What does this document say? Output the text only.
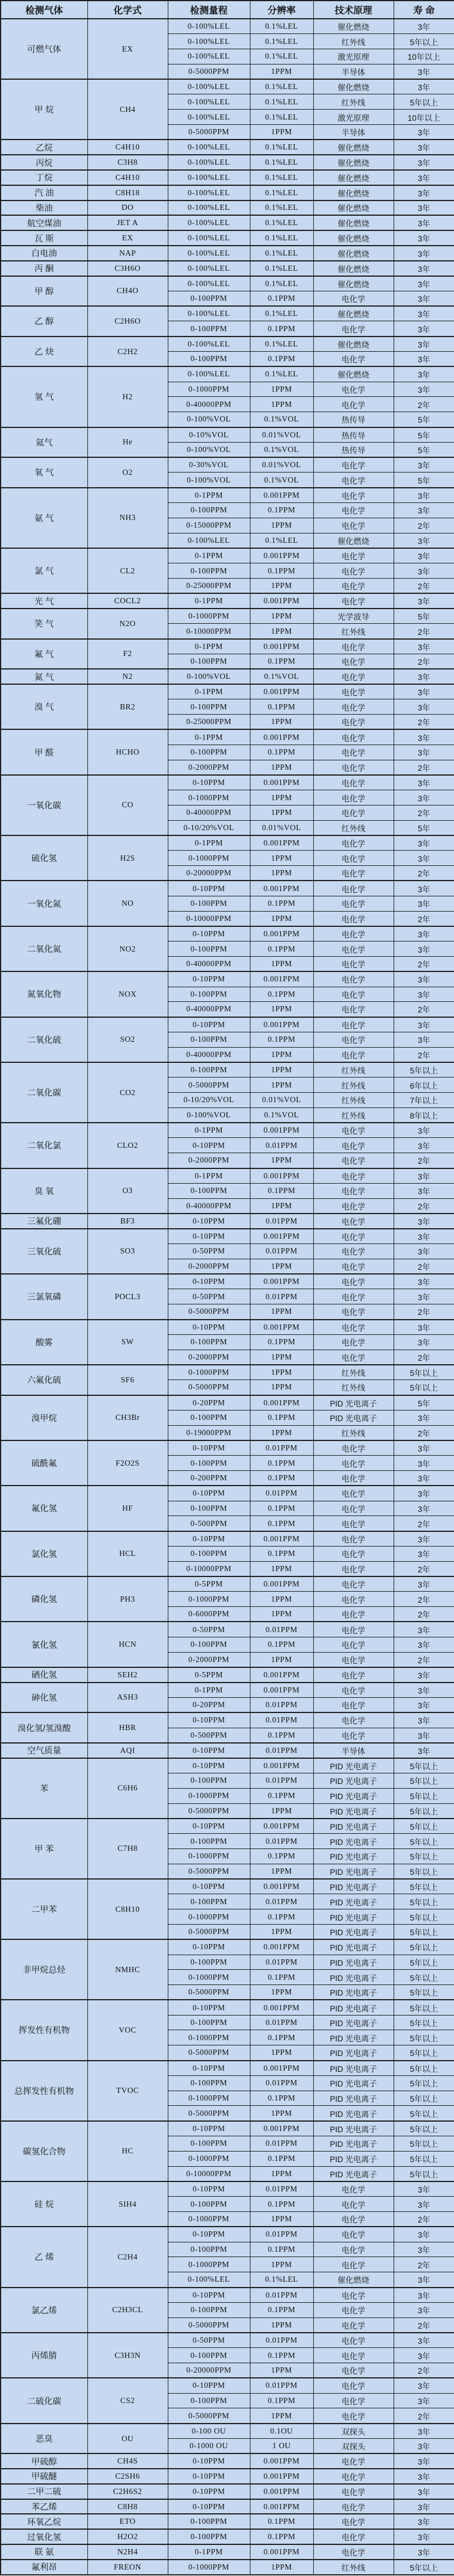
检测气体	化学式	检测量程	分辨率	技术原理	寿 命
可燃气体	EX	0-100%LEL	0.1%LEL	催化燃烧	3年
		0-100%LEL	0.1%LEL	红外线	5年以上
		0-100%LEL	0.1%LEL	激光原理	10年以上
		0-5000PPM	1PPM	半导体	3年
甲 烷	CH4	0-100%LEL	0.1%LEL	催化燃烧	3年
		0-100%LEL	0.1%LEL	红外线	5年以上
		0-100%LEL	0.1%LEL	激光原理	10年以上
		0-5000PPM	1PPM	半导体	3年
乙烷	C4H10	0-100%LEL	0.1%LEL	催化燃烧	3年
丙烷	C3H8	0-100%LEL	0.1%LEL	催化燃烧	3年
丁烷	C4H10	0-100%LEL	0.1%LEL	催化燃烧	3年
汽 油	C8H18	0-100%LEL	0.1%LEL	催化燃烧	3年
柴油	DO	0-100%LEL	0.1%LEL	催化燃烧	3年
航空煤油	JET A	0-100%LEL	0.1%LEL	催化燃烧	3年
瓦 斯	EX	0-100%LEL	0.1%LEL	催化燃烧	3年
白电油	NAP	0-100%LEL	0.1%LEL	催化燃烧	3年
丙 酮	C3H6O	0-100%LEL	0.1%LEL	催化燃烧	3年
甲 醇	CH4O	0-100%LEL	0.1%LEL	催化燃烧	3年
		0-100PPM	0.1PPM	电化学	3年
乙 醇	C2H6O	0-100%LEL	0.1%LEL	催化燃烧	3年
		0-100PPM	0.1PPM	电化学	3年
乙 炔	C2H2	0-100%LEL	0.1%LEL	催化燃烧	3年
		0-100PPM	0.1PPM	电化学	3年
氢 气	H2	0-100%LEL	0.1%LEL	催化燃烧	3年
		0-1000PPM	1PPM	电化学	3年
		0-40000PPM	1PPM	电化学	2年
		0-100%VOL	0.1%VOL	热传导	5年
氦气	He	0-10%VOL	0.01%VOL	热传导	5年
		0-100%VOL	0.1%VOL	热传导	5年
氧 气	O2	0-30%VOL	0.01%VOL	电化学	3年
		0-100%VOL	0.1%VOL	电化学	5年
氨 气	NH3	0-1PPM	0.001PPM	电化学	3年
		0-100PPM	0.1PPM	电化学	3年
		0-15000PPM	1PPM	电化学	2年
		0-100%LEL	0.1%LEL	催化燃烧	3年
氯 气	CL2	0-1PPM	0.001PPM	电化学	3年
		0-100PPM	0.1PPM	电化学	3年
		0-25000PPM	1PPM	电化学	2年
光 气	COCL2	0-1PPM	0.001PPM	电化学	3年
笑 气	N2O	0-1000PPM	1PPM	光学波导	5年
		0-10000PPM	1PPM	红外线	2年
氟 气	F2	0-1PPM	0.001PPM	电化学	3年
		0-100PPM	0.1PPM	电化学	2年
氮 气	N2	0-100%VOL	0.1%VOL	电化学	3年
溴 气	BR2	0-1PPM	0.001PPM	电化学	3年
		0-100PPM	0.1PPM	电化学	3年
		0-25000PPM	1PPM	电化学	2年
甲 醛	HCHO	0-1PPM	0.001PPM	电化学	3年
		0-100PPM	0.1PPM	电化学	3年
		0-2000PPM	1PPM	电化学	2年
一氧化碳	CO	0-10PPM	0.001PPM	电化学	3年
		0-1000PPM	1PPM	电化学	3年
		0-40000PPM	1PPM	电化学	2年
		0-10/20%VOL	0.01%VOL	红外线	5年
硫化氢	H2S	0-1PPM	0.001PPM	电化学	3年
		0-1000PPM	1PPM	电化学	3年
		0-20000PPM	1PPM	电化学	2年
一氧化氮	NO	0-10PPM	0.001PPM	电化学	3年
		0-100PPM	0.1PPM	电化学	3年
		0-10000PPM	1PPM	电化学	2年
二氧化氮	NO2	0-10PPM	0.001PPM	电化学	3年
		0-100PPM	0.1PPM	电化学	3年
		0-40000PPM	1PPM	电化学	2年
氮氧化物	NOX	0-10PPM	0.001PPM	电化学	3年
		0-100PPM	0.1PPM	电化学	3年
		0-40000PPM	1PPM	电化学	2年
二氧化硫	SO2	0-10PPM	0.001PPM	电化学	3年
		0-100PPM	0.1PPM	电化学	3年
		0-40000PPM	1PPM	电化学	2年
二氧化碳	CO2	0-100PPM	1PPM	红外线	5年以上
		0-5000PPM	1PPM	红外线	6年以上
		0-10/20%VOL	0.01%VOL	红外线	7年以上
		0-100%VOL	0.1%VOL	红外线	8年以上
二氧化氯	CLO2	0-1PPM	0.001PPM	电化学	3年
		0-10PPM	0.01PPM	电化学	3年
		0-2000PPM	1PPM	电化学	2年
臭 氧	O3	0-1PPM	0.001PPM	电化学	3年
		0-100PPM	0.1PPM	电化学	3年
		0-40000PPM	1PPM	电化学	2年
三氟化硼	BF3	0-10PPM	0.01PPM	电化学	3年
三氧化硫	SO3	0-10PPM	0.001PPM	电化学	3年
		0-50PPM	0.01PPM	电化学	3年
		0-2000PPM	1PPM	电化学	2年
三氯氧磷	POCL3	0-10PPM	0.001PPM	电化学	3年
		0-50PPM	0.01PPM	电化学	3年
		0-5000PPM	1PPM	电化学	2年
酸雾	SW	0-10PPM	0.001PPM	电化学	3年
		0-100PPM	0.1PPM	电化学	3年
		0-2000PPM	1PPM	电化学	2年
六氟化硫	SF6	0-1000PPM	1PPM	红外线	5年以上
		0-5000PPM	1PPM	红外线	5年以上
溴甲烷	CH3Br	0-20PPM	0.001PPM	PID 光电离子	5年
		0-100PPM	0.1PPM	PID 光电离子	3年
		0-19000PPM	1PPM	红外线	2年
硫酰氟	F2O2S	0-10PPM	0.01PPM	电化学	3年
		0-100PPM	0.1PPM	电化学	3年
		0-200PPM	0.1PPM	电化学	3年
氟化氢	HF	0-10PPM	0.01PPM	电化学	3年
		0-100PPM	0.1PPM	电化学	3年
		0-500PPM	0.1PPM	电化学	2年
氯化氢	HCL	0-10PPM	0.001PPM	电化学	3年
		0-100PPM	0.1PPM	电化学	3年
		0-10000PPM	1PPM	电化学	2年
磷化氢	PH3	0-5PPM	0.001PPM	电化学	3年
		0-1000PPM	1PPM	电化学	2年
		0-6000PPM	1PPM	电化学	2年
氰化氢	HCN	0-50PPM	0.01PPM	电化学	3年
		0-100PPM	0.1PPM	电化学	3年
		0-2000PPM	1PPM	电化学	2年
硒化氢	SEH2	0-5PPM	0.001PPM	电化学	3年
砷化氢	ASH3	0-1PPM	0.001PPM	电化学	3年
		0-20PPM	0.01PPM	电化学	3年
溴化氢/氢溴酸	HBR	0-10PPM	0.01PPM	电化学	3年
		0-500PPM	0.1PPM	电化学	3年
空气质量	AQI	0-10PPM	0.01PPM	半导体	3年
苯	C6H6	0-10PPM	0.001PPM	PID 光电离子	5年以上
		0-100PPM	0.01PPM	PID 光电离子	5年以上
		0-1000PPM	0.1PPM	PID 光电离子	5年以上
		0-5000PPM	1PPM	PID 光电离子	5年以上
甲 苯	C7H8	0-10PPM	0.001PPM	PID 光电离子	5年以上
		0-100PPM	0.01PPM	PID 光电离子	5年以上
		0-1000PPM	0.1PPM	PID 光电离子	5年以上
		0-5000PPM	1PPM	PID 光电离子	5年以上
二甲苯	C8H10	0-10PPM	0.001PPM	PID 光电离子	5年以上
		0-100PPM	0.01PPM	PID 光电离子	5年以上
		0-1000PPM	0.1PPM	PID 光电离子	5年以上
		0-5000PPM	1PPM	PID 光电离子	5年以上
非甲烷总烃	NMHC	0-10PPM	0.001PPM	PID 光电离子	5年以上
		0-100PPM	0.01PPM	PID 光电离子	5年以上
		0-1000PPM	0.1PPM	PID 光电离子	5年以上
		0-5000PPM	1PPM	PID 光电离子	5年以上
挥发性有机物	VOC	0-10PPM	0.001PPM	PID 光电离子	5年以上
		0-100PPM	0.01PPM	PID 光电离子	5年以上
		0-1000PPM	0.1PPM	PID 光电离子	5年以上
		0-5000PPM	1PPM	PID 光电离子	5年以上
总挥发性有机物	TVOC	0-10PPM	0.001PPM	PID 光电离子	5年以上
		0-100PPM	0.01PPM	PID 光电离子	5年以上
		0-1000PPM	0.1PPM	PID 光电离子	5年以上
		0-5000PPM	1PPM	PID 光电离子	5年以上
碳氢化合物	HC	0-10PPM	0.001PPM	PID 光电离子	5年以上
		0-100PPM	0.01PPM	PID 光电离子	5年以上
		0-1000PPM	0.1PPM	PID 光电离子	5年以上
		0-10000PPM	1PPM	PID 光电离子	5年以上
硅 烷	SIH4	0-10PPM	0.01PPM	电化学	3年
		0-100PPM	0.1PPM	电化学	3年
		0-1000PPM	1PPM	电化学	2年
乙 烯	C2H4	0-10PPM	0.01PPM	电化学	3年
		0-100PPM	0.1PPM	电化学	3年
		0-1000PPM	1PPM	电化学	2年
		0-100%LEL	0.1%LEL	催化燃烧	3年
氯乙烯	C2H3CL	0-10PPM	0.01PPM	电化学	3年
		0-100PPM	0.1PPM	电化学	3年
		0-5000PPM	1PPM	电化学	2年
丙烯腈	C3H3N	0-50PPM	0.01PPM	电化学	3年
		0-100PPM	0.1PPM	电化学	3年
		0-20000PPM	1PPM	电化学	2年
二硫化碳	CS2	0-10PPM	0.01PPM	电化学	3年
		0-100PPM	0.1PPM	电化学	3年
		0-5000PPM	1PPM	电化学	2年
恶臭	OU	0-100 OU	0.1OU	双探头	3年
		0-1000 OU	1 OU	双探头	3年
甲硫醇	CH4S	0-10PPM	0.001PPM	电化学	3年
甲硫醚	C2SH6	0-10PPM	0.001PPM	电化学	3年
二甲二硫	C2H6S2	0-10PPM	0.001PPM	电化学	3年
苯乙烯	C8H8	0-10PPM	0.001PPM	电化学	3年
环氧乙烷	ETO	0-100PPM	0.1PPM	电化学	3年
过氧化氢	H2O2	0-100PPM	0.1PPM	电化学	3年
联 氨	N2H4	0-1PPM	0.001PPM	电化学	3年
氟利昂	FREON	0-1000PPM	1PPM	红外线	5年以上
